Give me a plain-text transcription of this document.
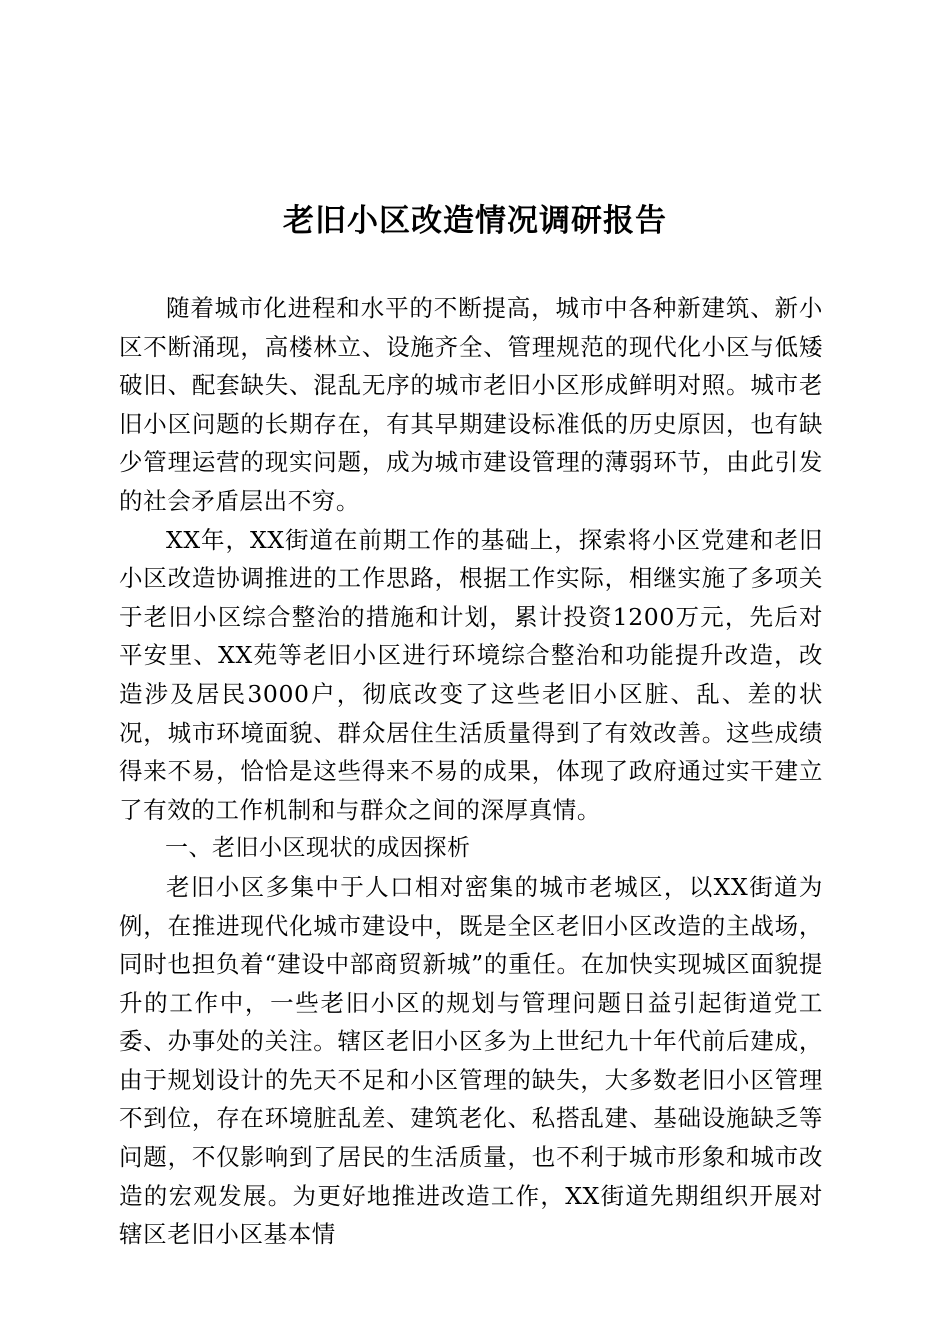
老旧小区改造情况调研报告

随着城市化进程和水平的不断提高，城市中各种新建筑、新小区不断涌现，高楼林立、设施齐全、管理规范的现代化小区与低矮破旧、配套缺失、混乱无序的城市老旧小区形成鲜明对照。城市老旧小区问题的长期存在，有其早期建设标准低的历史原因，也有缺少管理运营的现实问题，成为城市建设管理的薄弱环节，由此引发的社会矛盾层出不穷。

XX年，XX街道在前期工作的基础上，探索将小区党建和老旧小区改造协调推进的工作思路，根据工作实际，相继实施了多项关于老旧小区综合整治的措施和计划，累计投资1200万元，先后对平安里、XX苑等老旧小区进行环境综合整治和功能提升改造，改造涉及居民3000户，彻底改变了这些老旧小区脏、乱、差的状况，城市环境面貌、群众居住生活质量得到了有效改善。这些成绩得来不易，恰恰是这些得来不易的成果，体现了政府通过实干建立了有效的工作机制和与群众之间的深厚真情。

一、老旧小区现状的成因探析

老旧小区多集中于人口相对密集的城市老城区，以XX街道为例，在推进现代化城市建设中，既是全区老旧小区改造的主战场，同时也担负着“建设中部商贸新城”的重任。在加快实现城区面貌提升的工作中，一些老旧小区的规划与管理问题日益引起街道党工委、办事处的关注。辖区老旧小区多为上世纪九十年代前后建成，由于规划设计的先天不足和小区管理的缺失，大多数老旧小区管理不到位，存在环境脏乱差、建筑老化、私搭乱建、基础设施缺乏等问题，不仅影响到了居民的生活质量，也不利于城市形象和城市改造的宏观发展。为更好地推进改造工作，XX街道先期组织开展对辖区老旧小区基本情
